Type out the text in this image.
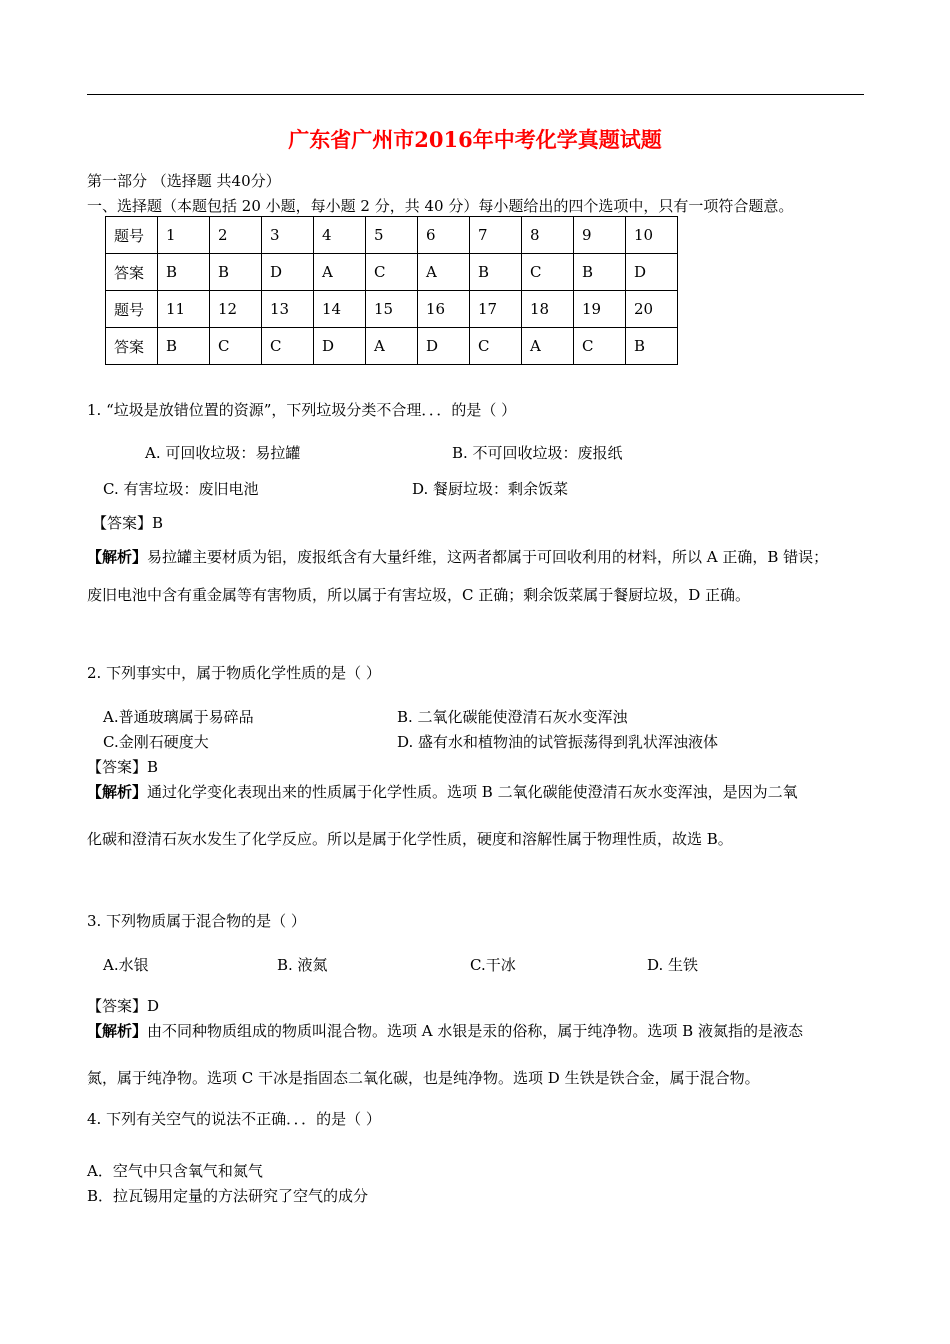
广东省广州市2016年中考化学真题试题
第一部分 （选择题 共40分）
一、选择题（本题包括 20 小题，每小题 2 分，共 40 分）每小题给出的四个选项中，只有一项符合题意。
题号	1	2	3	4	5	6	7	8	9	10
答案	B	B	D	A	C	A	B	C	B	D
题号	11	12	13	14	15	16	17	18	19	20
答案	B	C	C	D	A	D	C	A	C	B
1. “垃圾是放错位置的资源”，下列垃圾分类不合理．．．的是（ ）
A. 可回收垃圾：易拉罐	B. 不可回收垃圾：废报纸
C. 有害垃圾：废旧电池	D. 餐厨垃圾：剩余饭菜
【答案】B
【解析】易拉罐主要材质为铝，废报纸含有大量纤维，这两者都属于可回收利用的材料，所以 A 正确，B 错误；
废旧电池中含有重金属等有害物质，所以属于有害垃圾，C 正确；剩余饭菜属于餐厨垃圾，D 正确。
2. 下列事实中，属于物质化学性质的是（ ）
A.普通玻璃属于易碎品	B. 二氧化碳能使澄清石灰水变浑浊
C.金刚石硬度大	D. 盛有水和植物油的试管振荡得到乳状浑浊液体
【答案】B
【解析】通过化学变化表现出来的性质属于化学性质。选项 B 二氧化碳能使澄清石灰水变浑浊，是因为二氧
化碳和澄清石灰水发生了化学反应。所以是属于化学性质，硬度和溶解性属于物理性质，故选 B。
3. 下列物质属于混合物的是（ ）
A.水银	B. 液氮	C.干冰	D. 生铁
【答案】D
【解析】由不同种物质组成的物质叫混合物。选项 A 水银是汞的俗称，属于纯净物。选项 B 液氮指的是液态
氮，属于纯净物。选项 C 干冰是指固态二氧化碳，也是纯净物。选项 D 生铁是铁合金，属于混合物。
4. 下列有关空气的说法不正确．．．的是（ ）
A．空气中只含氧气和氮气
B．拉瓦锡用定量的方法研究了空气的成分
